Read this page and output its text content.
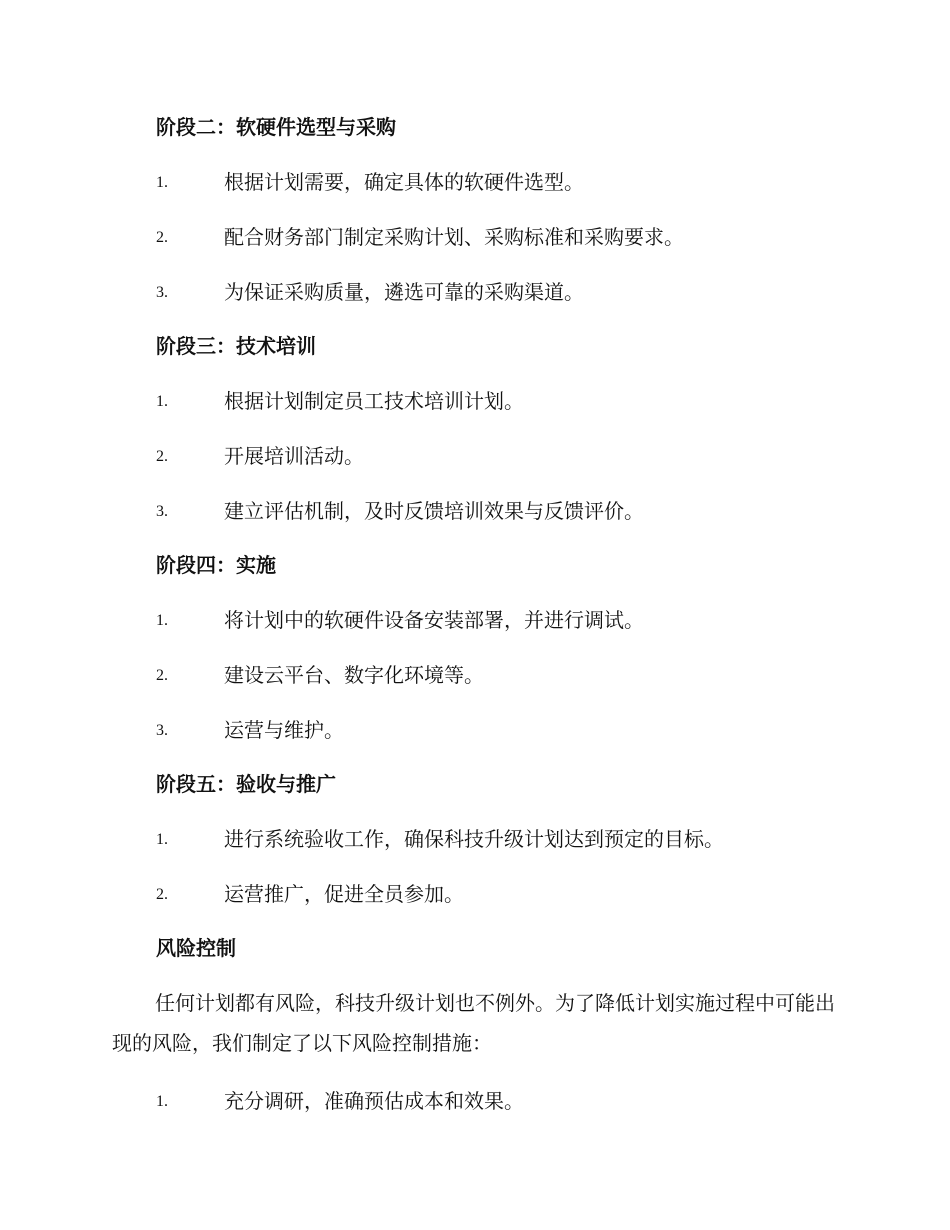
阶段二：软硬件选型与采购
1.	根据计划需要，确定具体的软硬件选型。
2.	配合财务部门制定采购计划、采购标准和采购要求。
3.	为保证采购质量，遴选可靠的采购渠道。
阶段三：技术培训
1.	根据计划制定员工技术培训计划。
2.	开展培训活动。
3.	建立评估机制，及时反馈培训效果与反馈评价。
阶段四：实施
1.	将计划中的软硬件设备安装部署，并进行调试。
2.	建设云平台、数字化环境等。
3.	运营与维护。
阶段五：验收与推广
1.	进行系统验收工作，确保科技升级计划达到预定的目标。
2.	运营推广，促进全员参加。
风险控制
任何计划都有风险，科技升级计划也不例外。为了降低计划实施过程中可能出现的风险，我们制定了以下风险控制措施：
1.	充分调研，准确预估成本和效果。
